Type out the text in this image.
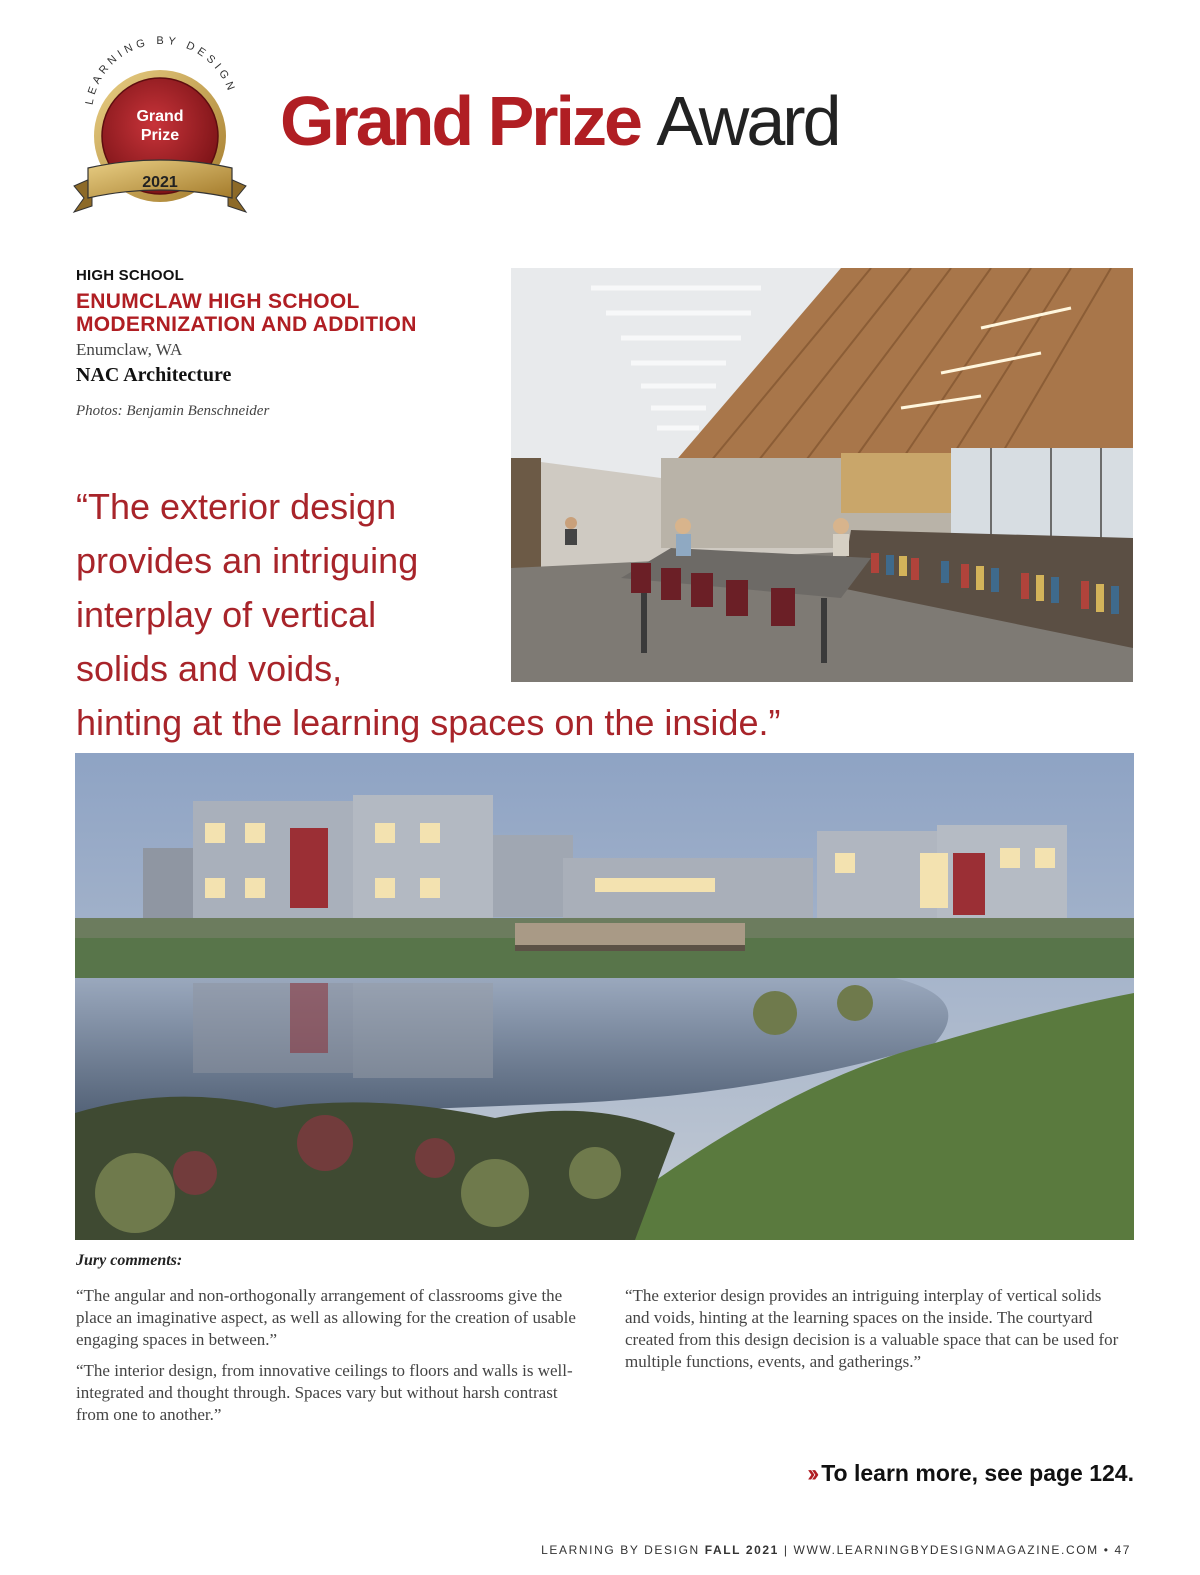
LEARNING BY DESIGN
Grand
Prize
2021
Grand Prize Award
HIGH SCHOOL
ENUMCLAW HIGH SCHOOL
MODERNIZATION AND ADDITION
Enumclaw, WA
NAC Architecture
Photos: Benjamin Benschneider
“The exterior design
provides an intriguing
interplay of vertical
solids and voids,
hinting at the learning spaces on the inside.”
Jury comments:

“The angular and non-orthogonally arrangement of classrooms give the place an imaginative aspect, as well as allowing for the creation of usable engaging spaces in between.”

“The interior design, from innovative ceilings to floors and walls is well-integrated and thought through. Spaces vary but without harsh contrast from one to another.”

“The exterior design provides an intriguing interplay of vertical solids and voids, hinting at the learning spaces on the inside. The courtyard created from this design decision is a valuable space that can be used for multiple functions, events, and gatherings.”

›› To learn more, see page 124.
LEARNING BY DESIGN FALL 2021 | WWW.LEARNINGBYDESIGNMAGAZINE.COM • 47
